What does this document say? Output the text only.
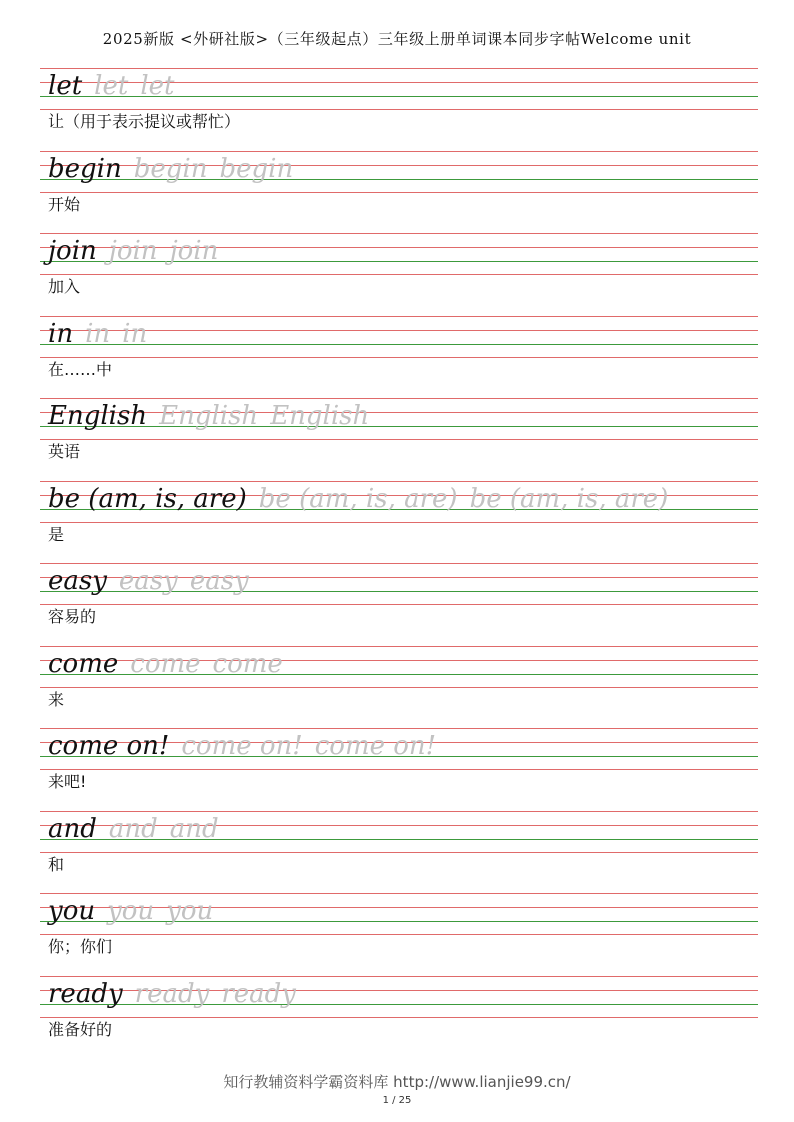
2025新版 <外研社版>（三年级起点）三年级上册单词课本同步字帖Welcome unit
let let let
让（用于表示提议或帮忙）
begin begin begin
开始
join join join
加入
in in in
在……中
English English English
英语
be (am, is, are) be (am, is, are) be (am, is, are)
是
easy easy easy
容易的
come come come
来
come on! come on! come on!
来吧!
and and and
和
you you you
你；你们
ready ready ready
准备好的
知行教辅资料学霸资料库 http://www.lianjie99.cn/
1 / 25
